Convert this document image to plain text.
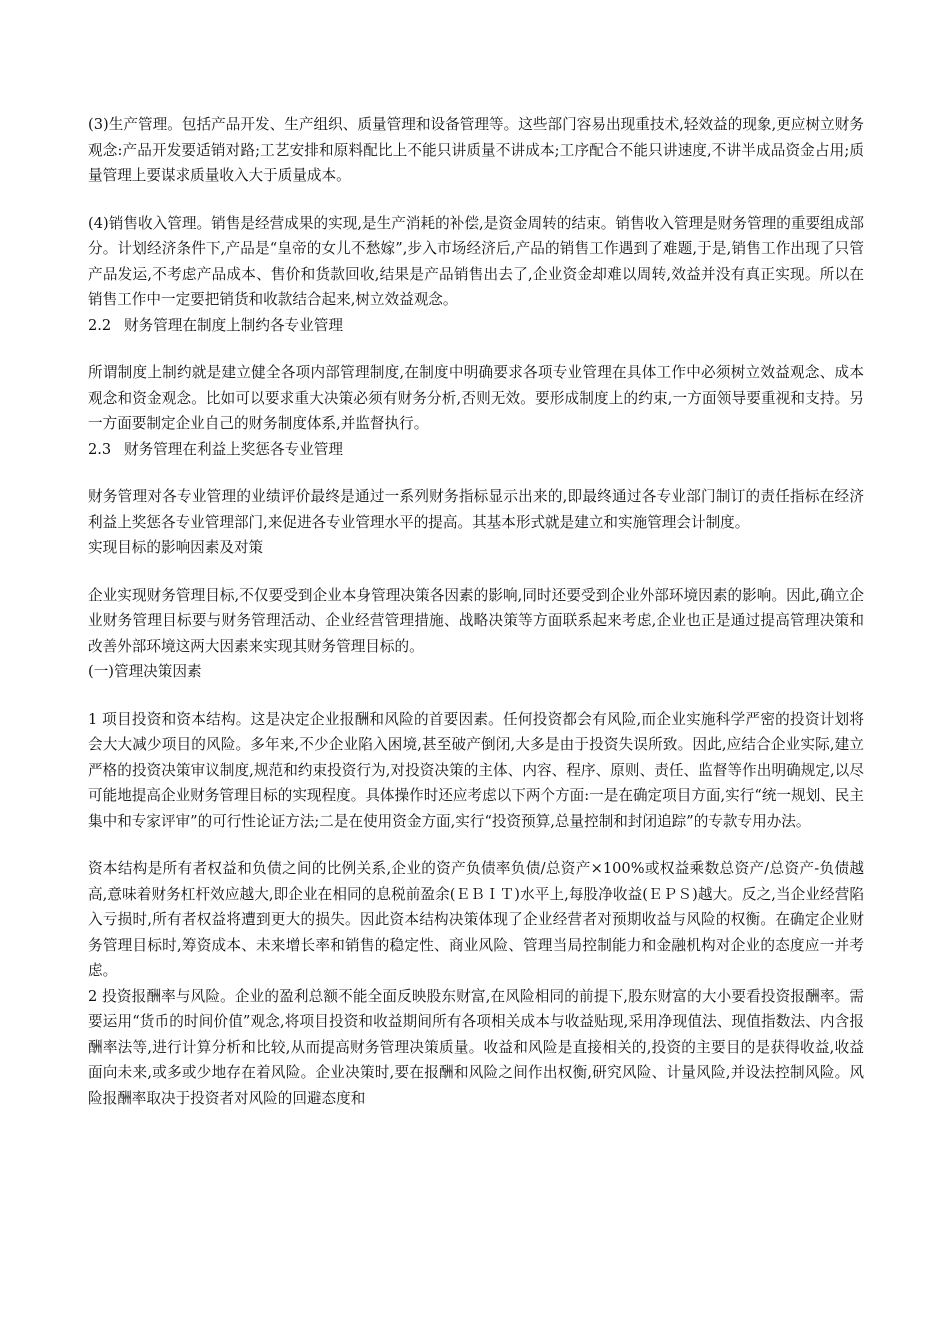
(3)生产管理。包括产品开发、生产组织、质量管理和设备管理等。这些部门容易出现重技术,轻效益的现象,更应树立财务观念:产品开发要适销对路;工艺安排和原料配比上不能只讲质量不讲成本;工序配合不能只讲速度,不讲半成品资金占用;质量管理上要谋求质量收入大于质量成本。

(4)销售收入管理。销售是经营成果的实现,是生产消耗的补偿,是资金周转的结束。销售收入管理是财务管理的重要组成部分。计划经济条件下,产品是“皇帝的女儿不愁嫁”,步入市场经济后,产品的销售工作遇到了难题,于是,销售工作出现了只管产品发运,不考虑产品成本、售价和货款回收,结果是产品销售出去了,企业资金却难以周转,效益并没有真正实现。所以在销售工作中一定要把销货和收款结合起来,树立效益观念。

2.2 财务管理在制度上制约各专业管理

所谓制度上制约就是建立健全各项内部管理制度,在制度中明确要求各项专业管理在具体工作中必须树立效益观念、成本观念和资金观念。比如可以要求重大决策必须有财务分析,否则无效。要形成制度上的约束,一方面领导要重视和支持。另一方面要制定企业自己的财务制度体系,并监督执行。

2.3 财务管理在利益上奖惩各专业管理

财务管理对各专业管理的业绩评价最终是通过一系列财务指标显示出来的,即最终通过各专业部门制订的责任指标在经济利益上奖惩各专业管理部门,来促进各专业管理水平的提高。其基本形式就是建立和实施管理会计制度。

实现目标的影响因素及对策

企业实现财务管理目标,不仅要受到企业本身管理决策各因素的影响,同时还要受到企业外部环境因素的影响。因此,确立企业财务管理目标要与财务管理活动、企业经营管理措施、战略决策等方面联系起来考虑,企业也正是通过提高管理决策和改善外部环境这两大因素来实现其财务管理目标的。

(一)管理决策因素

1 项目投资和资本结构。这是决定企业报酬和风险的首要因素。任何投资都会有风险,而企业实施科学严密的投资计划将会大大减少项目的风险。多年来,不少企业陷入困境,甚至破产倒闭,大多是由于投资失误所致。因此,应结合企业实际,建立严格的投资决策审议制度,规范和约束投资行为,对投资决策的主体、内容、程序、原则、责任、监督等作出明确规定,以尽可能地提高企业财务管理目标的实现程度。具体操作时还应考虑以下两个方面:一是在确定项目方面,实行“统一规划、民主集中和专家评审”的可行性论证方法;二是在使用资金方面,实行“投资预算,总量控制和封闭追踪”的专款专用办法。

资本结构是所有者权益和负债之间的比例关系,企业的资产负债率负债/总资产×100%或权益乘数总资产/总资产-负债越高,意味着财务杠杆效应越大,即企业在相同的息税前盈余(ＥＢＩＴ)水平上,每股净收益(ＥＰＳ)越大。反之,当企业经营陷入亏损时,所有者权益将遭到更大的损失。因此资本结构决策体现了企业经营者对预期收益与风险的权衡。在确定企业财务管理目标时,筹资成本、未来增长率和销售的稳定性、商业风险、管理当局控制能力和金融机构对企业的态度应一并考虑。

2 投资报酬率与风险。企业的盈利总额不能全面反映股东财富,在风险相同的前提下,股东财富的大小要看投资报酬率。需要运用“货币的时间价值”观念,将项目投资和收益期间所有各项相关成本与收益贴现,采用净现值法、现值指数法、内含报酬率法等,进行计算分析和比较,从而提高财务管理决策质量。收益和风险是直接相关的,投资的主要目的是获得收益,收益面向未来,或多或少地存在着风险。企业决策时,要在报酬和风险之间作出权衡,研究风险、计量风险,并设法控制风险。风险报酬率取决于投资者对风险的回避态度和
